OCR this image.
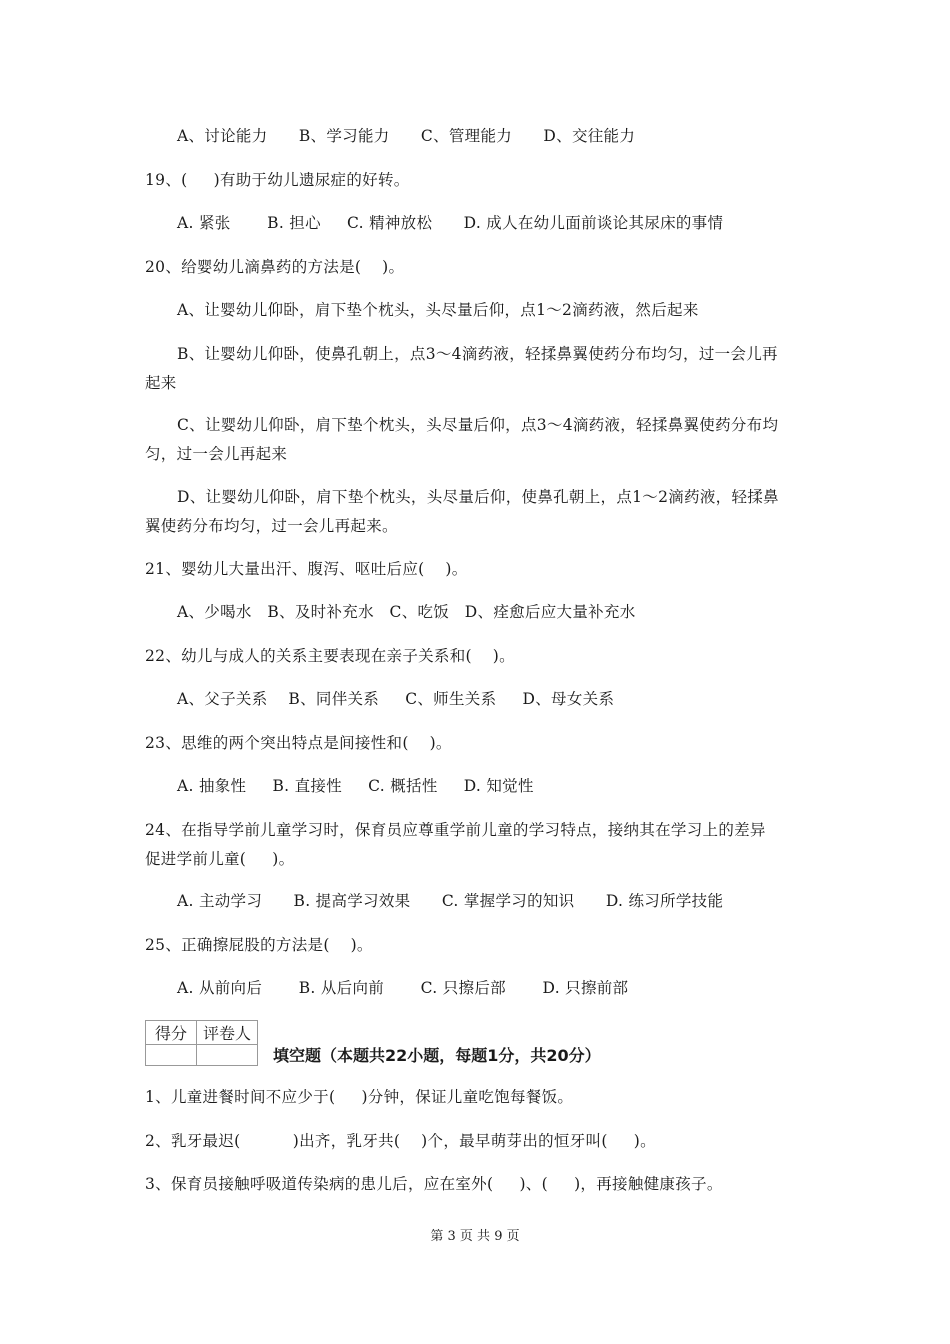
A、讨论能力      B、学习能力      C、管理能力      D、交往能力
19、(     )有助于幼儿遗尿症的好转。
A. 紧张       B. 担心     C. 精神放松      D. 成人在幼儿面前谈论其尿床的事情
20、给婴幼儿滴鼻药的方法是(    )。
A、让婴幼儿仰卧，肩下垫个枕头，头尽量后仰，点1～2滴药液，然后起来
B、让婴幼儿仰卧，使鼻孔朝上，点3～4滴药液，轻揉鼻翼使药分布均匀，过一会儿再
起来
C、让婴幼儿仰卧，肩下垫个枕头，头尽量后仰，点3～4滴药液，轻揉鼻翼使药分布均
匀，过一会儿再起来
D、让婴幼儿仰卧，肩下垫个枕头，头尽量后仰，使鼻孔朝上，点1～2滴药液，轻揉鼻
翼使药分布均匀，过一会儿再起来。
21、婴幼儿大量出汗、腹泻、呕吐后应(    )。
A、少喝水   B、及时补充水   C、吃饭   D、痊愈后应大量补充水
22、幼儿与成人的关系主要表现在亲子关系和(    )。
A、父子关系    B、同伴关系     C、师生关系     D、母女关系
23、思维的两个突出特点是间接性和(    )。
A. 抽象性     B. 直接性     C. 概括性     D. 知觉性
24、在指导学前儿童学习时，保育员应尊重学前儿童的学习特点，接纳其在学习上的差异
促进学前儿童(     )。
A. 主动学习      B. 提高学习效果      C. 掌握学习的知识      D. 练习所学技能
25、正确擦屁股的方法是(    )。
A. 从前向后       B. 从后向前       C. 只擦后部       D. 只擦前部
得分	评卷人

填空题（本题共22小题，每题1分，共20分）
1、儿童进餐时间不应少于(     )分钟，保证儿童吃饱每餐饭。
2、乳牙最迟(          )出齐，乳牙共(    )个，最早萌芽出的恒牙叫(     )。
3、保育员接触呼吸道传染病的患儿后，应在室外(     )、(     )，再接触健康孩子。
第 3 页 共 9 页
